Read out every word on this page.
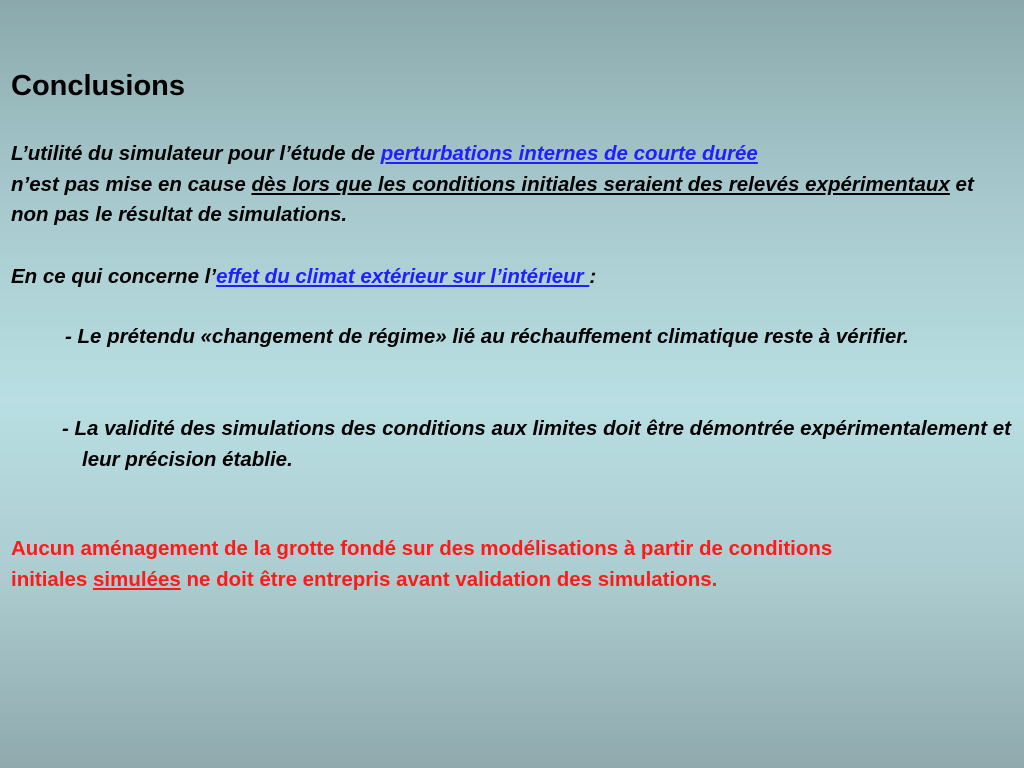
Conclusions
L’utilité du simulateur pour l’étude de perturbations internes de courte durée
n’est pas mise en cause dès lors que les conditions initiales seraient des relevés expérimentaux et non pas le résultat de simulations.
En ce qui concerne l’effet du climat extérieur sur l’intérieur :
- Le prétendu «changement de régime» lié au réchauffement climatique reste à vérifier.
- La validité des simulations des conditions aux limites doit être démontrée expérimentalement et leur précision établie.
Aucun aménagement de la grotte fondé sur des modélisations à partir de conditions initiales simulées ne doit être entrepris avant validation des simulations.
